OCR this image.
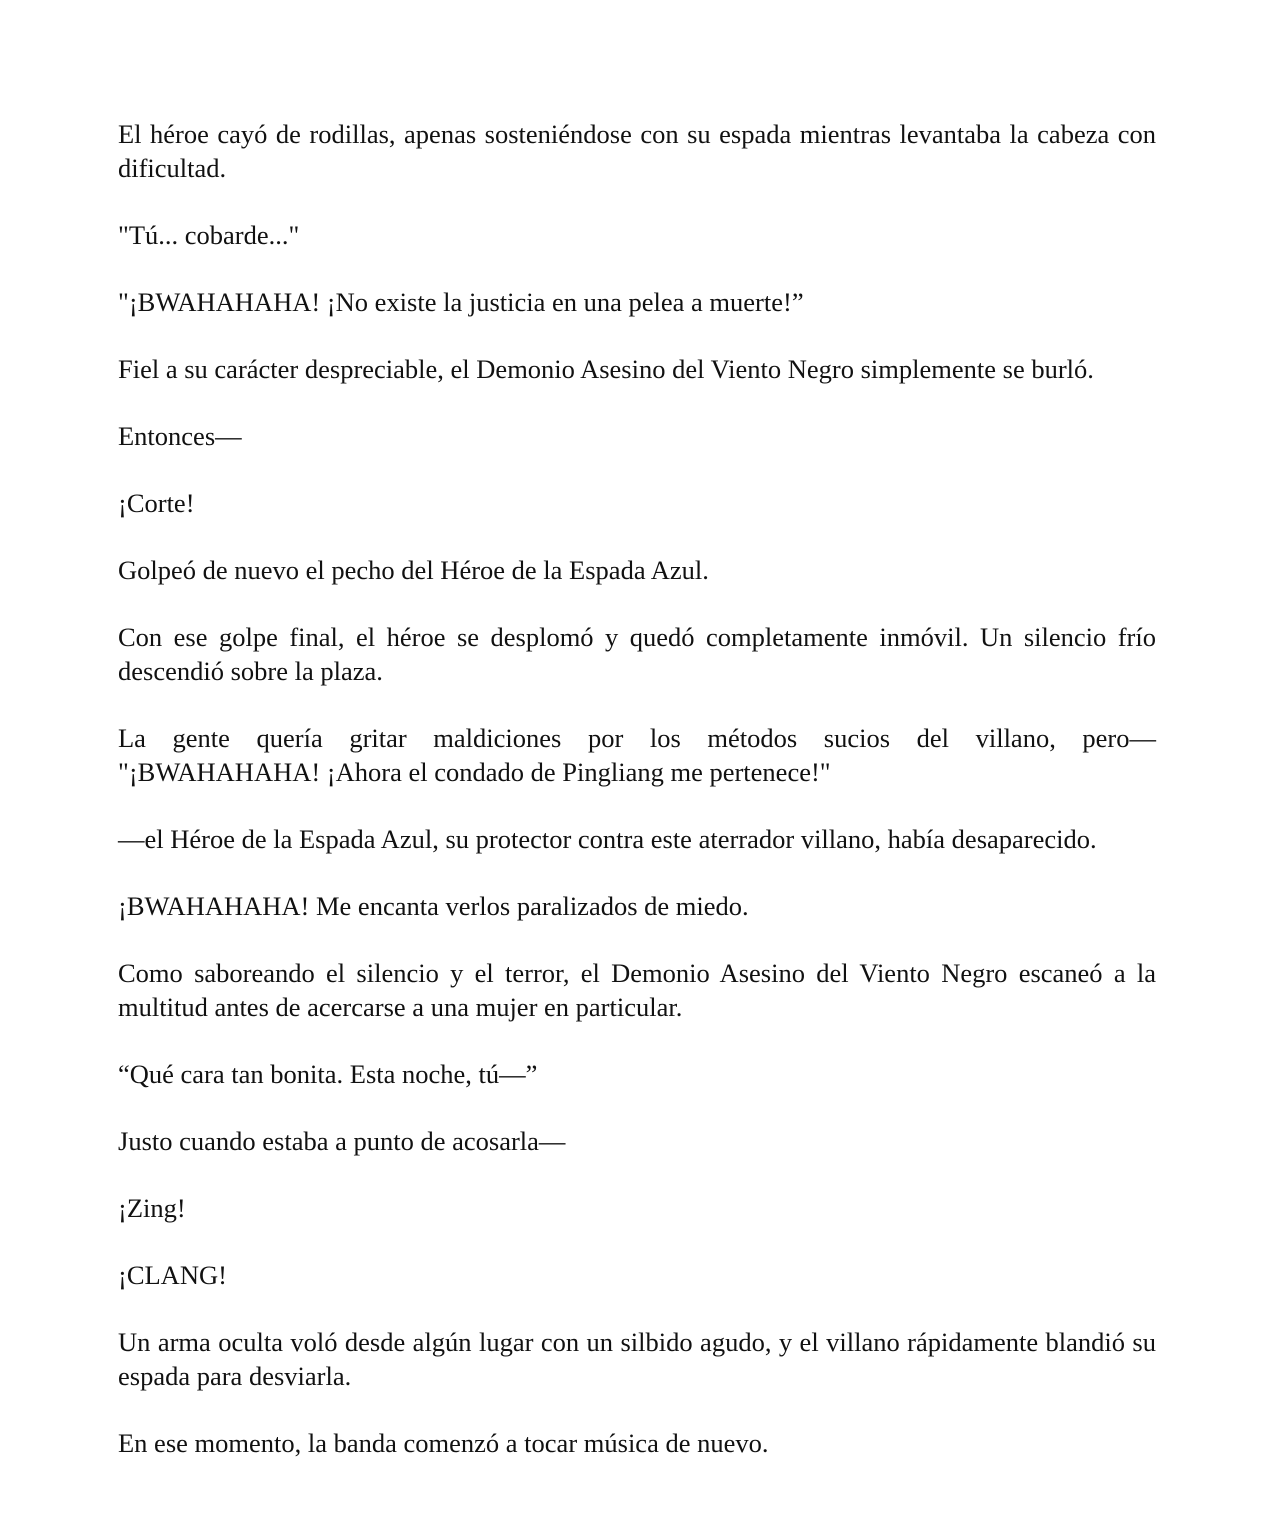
El héroe cayó de rodillas, apenas sosteniéndose con su espada mientras levantaba la cabeza con dificultad.

"Tú... cobarde..."

"¡BWAHAHAHA! ¡No existe la justicia en una pelea a muerte!”

Fiel a su carácter despreciable, el Demonio Asesino del Viento Negro simplemente se burló.

Entonces—

¡Corte!

Golpeó de nuevo el pecho del Héroe de la Espada Azul.

Con ese golpe final, el héroe se desplomó y quedó completamente inmóvil. Un silencio frío descendió sobre la plaza.

La gente quería gritar maldiciones por los métodos sucios del villano, pero—
"¡BWAHAHAHA! ¡Ahora el condado de Pingliang me pertenece!"

—el Héroe de la Espada Azul, su protector contra este aterrador villano, había desaparecido.

¡BWAHAHAHA! Me encanta verlos paralizados de miedo.

Como saboreando el silencio y el terror, el Demonio Asesino del Viento Negro escaneó a la multitud antes de acercarse a una mujer en particular.

“Qué cara tan bonita. Esta noche, tú—”

Justo cuando estaba a punto de acosarla—

¡Zing!

¡CLANG!

Un arma oculta voló desde algún lugar con un silbido agudo, y el villano rápidamente blandió su espada para desviarla.

En ese momento, la banda comenzó a tocar música de nuevo.
